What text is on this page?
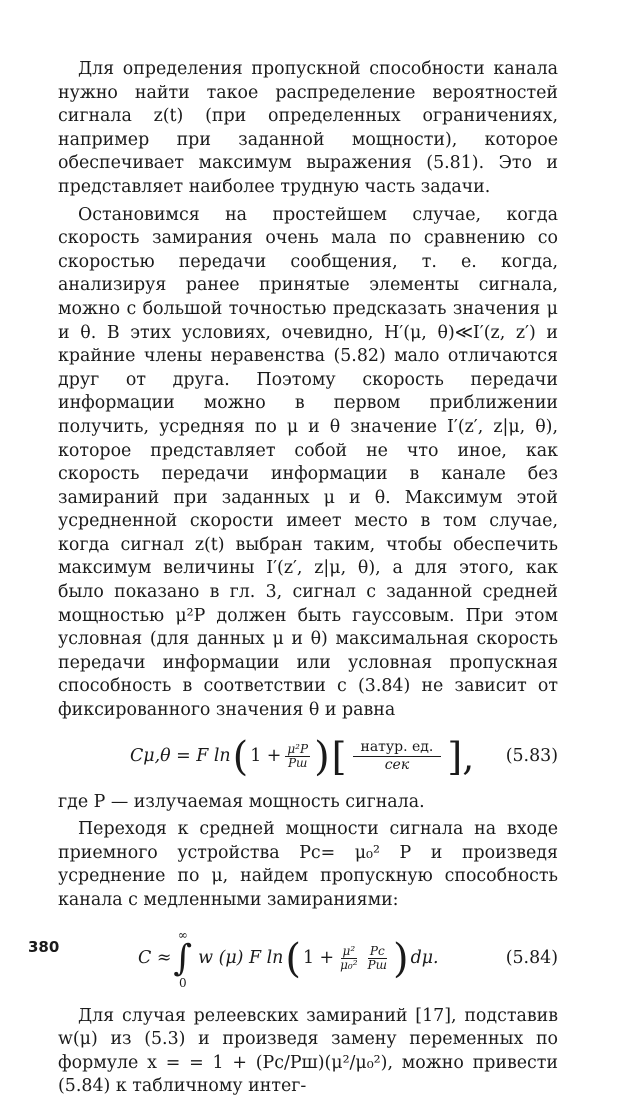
Для определения пропускной способности канала нужно найти такое распределение вероятностей сигнала z(t) (при определенных ограничениях, например при заданной мощности), которое обеспечивает максимум выражения (5.81). Это и представляет наиболее трудную часть задачи.

Остановимся на простейшем случае, когда скорость замирания очень мала по сравнению со скоростью передачи сообщения, т. е. когда, анализируя ранее принятые элементы сигнала, можно с большой точностью предсказать значения μ и θ. В этих условиях, очевидно, H′(μ, θ)≪I′(z, z′) и крайние члены неравенства (5.82) мало отличаются друг от друга. Поэтому скорость передачи информации можно в первом приближении получить, усредняя по μ и θ значение I′(z′, z|μ, θ), которое представляет собой не что иное, как скорость передачи информации в канале без замираний при заданных μ и θ. Максимум этой усредненной скорости имеет место в том случае, когда сигнал z(t) выбран таким, чтобы обеспечить максимум величины I′(z′, z|μ, θ), а для этого, как было показано в гл. 3, сигнал с заданной средней мощностью μ²P должен быть гауссовым. При этом условная (для данных μ и θ) максимальная скорость передачи информации или условная пропускная способность в соответствии с (3.84) не зависит от фиксированного значения θ и равна

Cμ,θ = F ln ( $1 + \frac{\text{μ²P}}{Pш}$ ) [	натур. ед.
сек ], (5.83)

где P — излучаемая мощность сигнала.

Переходя к средней мощности сигнала на входе приемного устройства Pс= μ₀² P и произведя усреднение по μ, найдем пропускную способность канала с медленными замираниями:

C ≈
∞
∫
0
w (μ) F ln ( $1 + \frac{\text{μ²}}{\text{μ₀²}} \frac{Pс}{Pш}$ ) dμ.	(5.84)

Для случая релеевских замираний [17], подставив w(μ) из (5.3) и произведя замену переменных по формуле x = = 1 + (Pс/Pш)(μ²/μ₀²), можно привести (5.84) к табличному интег-

380
